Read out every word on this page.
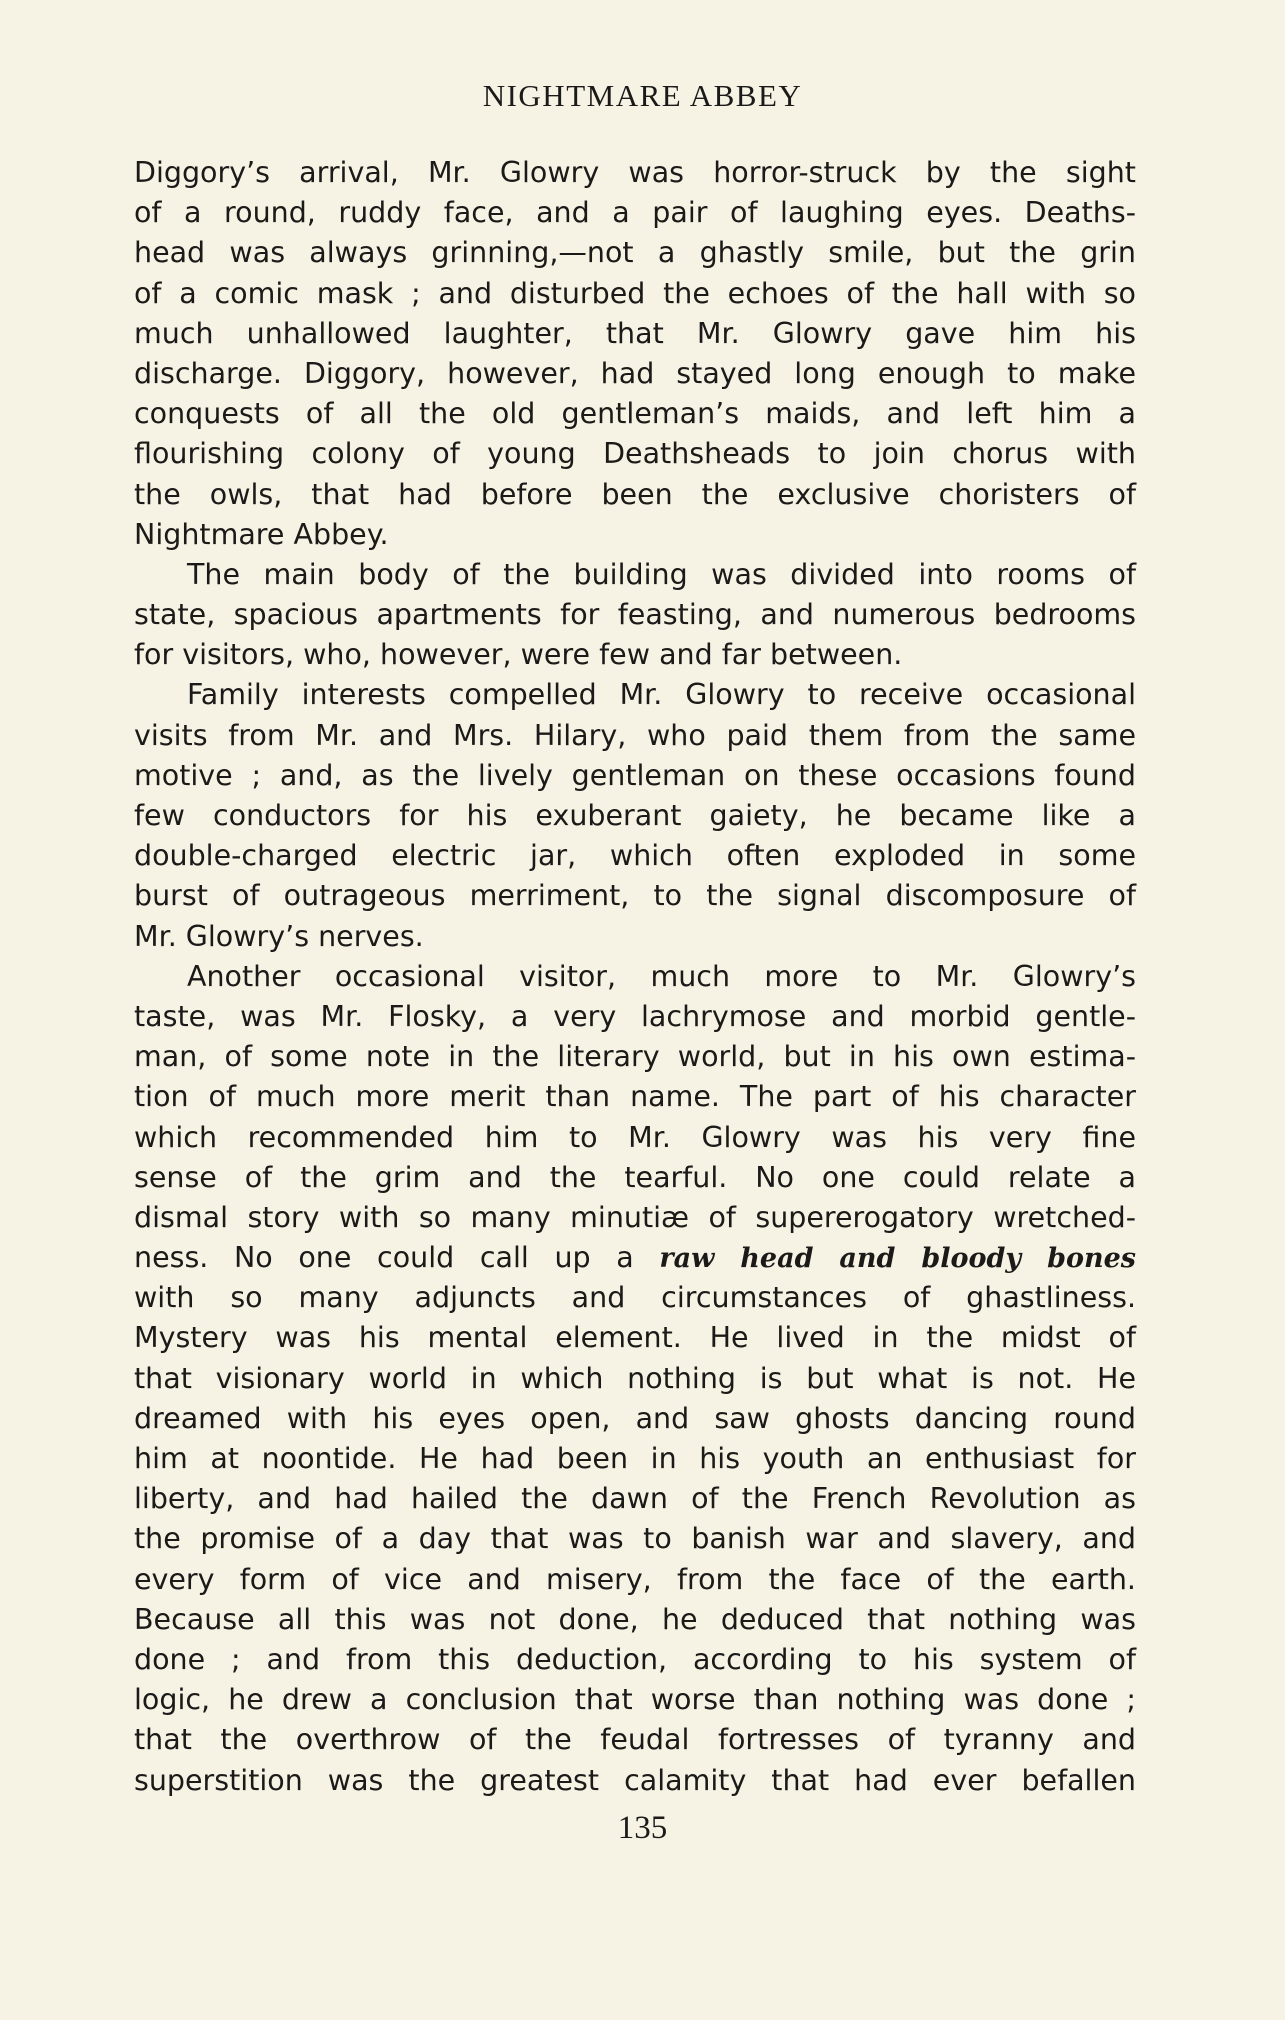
NIGHTMARE ABBEY
Diggory’s arrival, Mr. Glowry was horror-struck by the sight
of a round, ruddy face, and a pair of laughing eyes. Deaths-
head was always grinning,—not a ghastly smile, but the grin
of a comic mask ; and disturbed the echoes of the hall with so
much unhallowed laughter, that Mr. Glowry gave him his
discharge. Diggory, however, had stayed long enough to make
conquests of all the old gentleman’s maids, and left him a
flourishing colony of young Deathsheads to join chorus with
the owls, that had before been the exclusive choristers of
Nightmare Abbey.
The main body of the building was divided into rooms of
state, spacious apartments for feasting, and numerous bedrooms
for visitors, who, however, were few and far between.
Family interests compelled Mr. Glowry to receive occasional
visits from Mr. and Mrs. Hilary, who paid them from the same
motive ; and, as the lively gentleman on these occasions found
few conductors for his exuberant gaiety, he became like a
double-charged electric jar, which often exploded in some
burst of outrageous merriment, to the signal discomposure of
Mr. Glowry’s nerves.
Another occasional visitor, much more to Mr. Glowry’s
taste, was Mr. Flosky, a very lachrymose and morbid gentle-
man, of some note in the literary world, but in his own estima-
tion of much more merit than name. The part of his character
which recommended him to Mr. Glowry was his very fine
sense of the grim and the tearful. No one could relate a
dismal story with so many minutiæ of supererogatory wretched-
ness. No one could call up a raw head and bloody bones
with so many adjuncts and circumstances of ghastliness.
Mystery was his mental element. He lived in the midst of
that visionary world in which nothing is but what is not. He
dreamed with his eyes open, and saw ghosts dancing round
him at noontide. He had been in his youth an enthusiast for
liberty, and had hailed the dawn of the French Revolution as
the promise of a day that was to banish war and slavery, and
every form of vice and misery, from the face of the earth.
Because all this was not done, he deduced that nothing was
done ; and from this deduction, according to his system of
logic, he drew a conclusion that worse than nothing was done ;
that the overthrow of the feudal fortresses of tyranny and
superstition was the greatest calamity that had ever befallen
135
